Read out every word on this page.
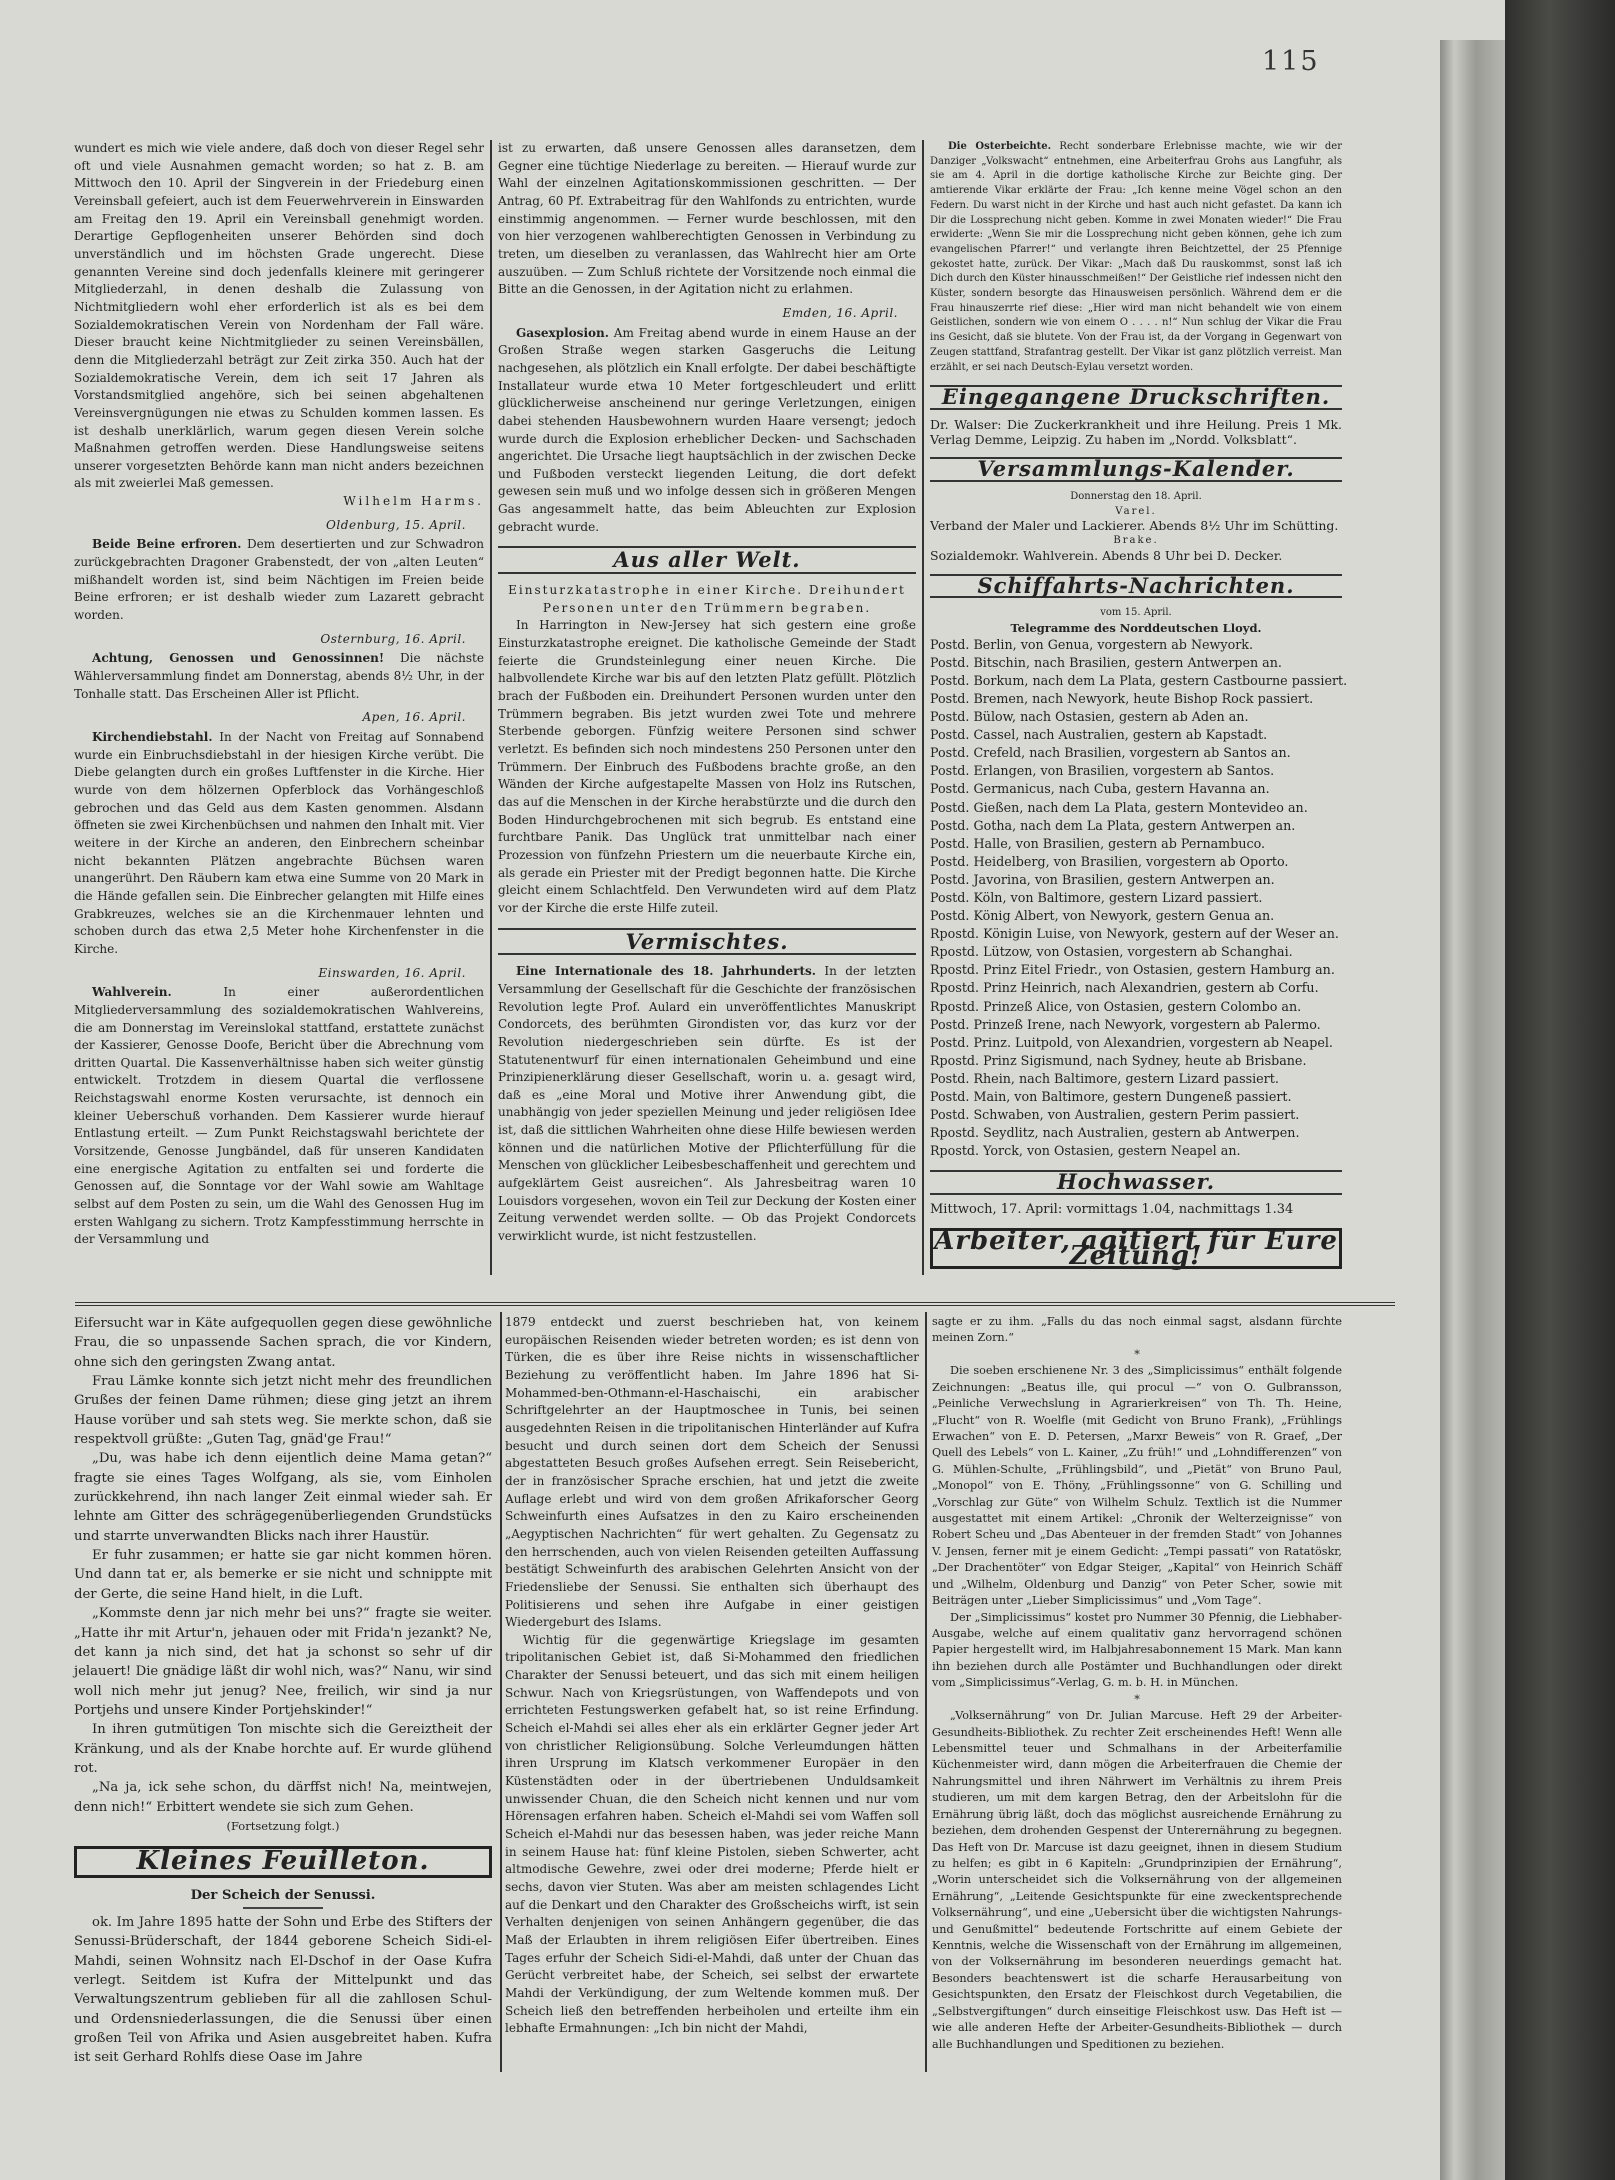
115

wundert es mich wie viele andere, daß doch von dieser Regel sehr oft und viele Ausnahmen gemacht worden; so hat z. B. am Mittwoch den 10. April der Singverein in der Friedeburg einen Vereinsball gefeiert, auch ist dem Feuerwehrverein in Einswarden am Freitag den 19. April ein Vereinsball genehmigt worden. Derartige Gepflogenheiten unserer Behörden sind doch unverständlich und im höchsten Grade ungerecht. Diese genannten Vereine sind doch jedenfalls kleinere mit geringerer Mitgliederzahl, in denen deshalb die Zulassung von Nichtmitgliedern wohl eher erforderlich ist als es bei dem Sozialdemokratischen Verein von Nordenham der Fall wäre. Dieser braucht keine Nichtmitglieder zu seinen Vereinsbällen, denn die Mitgliederzahl beträgt zur Zeit zirka 350. Auch hat der Sozialdemokratische Verein, dem ich seit 17 Jahren als Vorstandsmitglied angehöre, sich bei seinen abgehaltenen Vereinsvergnügungen nie etwas zu Schulden kommen lassen. Es ist deshalb unerklärlich, warum gegen diesen Verein solche Maßnahmen getroffen werden. Diese Handlungsweise seitens unserer vorgesetzten Behörde kann man nicht anders bezeichnen als mit zweierlei Maß gemessen.

Wilhelm Harms.
Oldenburg, 15. April.

Beide Beine erfroren. Dem desertierten und zur Schwadron zurückgebrachten Dragoner Grabenstedt, der von „alten Leuten“ mißhandelt worden ist, sind beim Nächtigen im Freien beide Beine erfroren; er ist deshalb wieder zum Lazarett gebracht worden.

Osternburg, 16. April.

Achtung, Genossen und Genossinnen! Die nächste Wählerversammlung findet am Donnerstag, abends 8½ Uhr, in der Tonhalle statt. Das Erscheinen Aller ist Pflicht.

Apen, 16. April.

Kirchendiebstahl. In der Nacht von Freitag auf Sonnabend wurde ein Einbruchsdiebstahl in der hiesigen Kirche verübt. Die Diebe gelangten durch ein großes Luftfenster in die Kirche. Hier wurde von dem hölzernen Opferblock das Vorhängeschloß gebrochen und das Geld aus dem Kasten genommen. Alsdann öffneten sie zwei Kirchenbüchsen und nahmen den Inhalt mit. Vier weitere in der Kirche an anderen, den Einbrechern scheinbar nicht bekannten Plätzen angebrachte Büchsen waren unangerührt. Den Räubern kam etwa eine Summe von 20 Mark in die Hände gefallen sein. Die Einbrecher gelangten mit Hilfe eines Grabkreuzes, welches sie an die Kirchenmauer lehnten und schoben durch das etwa 2,5 Meter hohe Kirchenfenster in die Kirche.

Einswarden, 16. April.

Wahlverein.	In einer außerordentlichen Mitgliederversammlung des sozialdemokratischen Wahlvereins, die am Donnerstag im Vereinslokal stattfand, erstattete zunächst der Kassierer, Genosse Doofe, Bericht über die Abrechnung vom dritten Quartal. Die Kassenverhältnisse haben sich weiter günstig entwickelt. Trotzdem in diesem Quartal die verflossene Reichstagswahl enorme Kosten verursachte, ist dennoch ein kleiner Ueberschuß vorhanden. Dem Kassierer wurde hierauf Entlastung erteilt. — Zum Punkt Reichstagswahl berichtete der Vorsitzende, Genosse Jungbändel, daß für unseren Kandidaten eine energische Agitation zu entfalten sei und forderte die Genossen auf, die Sonntage vor der Wahl sowie am Wahltage selbst auf dem Posten zu sein, um die Wahl des Genossen Hug im ersten Wahlgang zu sichern. Trotz Kampfesstimmung herrschte in der Versammlung und

ist zu erwarten, daß unsere Genossen alles daransetzen, dem Gegner eine tüchtige Niederlage zu bereiten. — Hierauf wurde zur Wahl der einzelnen Agitationskommissionen geschritten. — Der Antrag, 60 Pf. Extrabeitrag für den Wahlfonds zu entrichten, wurde einstimmig angenommen. — Ferner wurde beschlossen, mit den von hier verzogenen wahlberechtigten Genossen in Verbindung zu treten, um dieselben zu veranlassen, das Wahlrecht hier am Orte auszuüben. — Zum Schluß richtete der Vorsitzende noch einmal die Bitte an die Genossen, in der Agitation nicht zu erlahmen.

Emden, 16. April.

Gasexplosion. Am Freitag abend wurde in einem Hause an der Großen Straße wegen starken Gasgeruchs die Leitung nachgesehen, als plötzlich ein Knall erfolgte. Der dabei beschäftigte Installateur wurde etwa 10 Meter fortgeschleudert und erlitt glücklicherweise anscheinend nur geringe Verletzungen, einigen dabei stehenden Hausbewohnern wurden Haare versengt; jedoch wurde durch die Explosion erheblicher Decken- und Sachschaden angerichtet. Die Ursache liegt hauptsächlich in der zwischen Decke und Fußboden versteckt liegenden Leitung, die dort defekt gewesen sein muß und wo infolge dessen sich in größeren Mengen Gas angesammelt hatte, das beim Ableuchten zur Explosion gebracht wurde.

Aus aller Welt.

Einsturzkatastrophe in einer Kirche. Dreihundert Personen unter den Trümmern begraben.

In Harrington in New-Jersey hat sich gestern eine große Einsturzkatastrophe ereignet. Die katholische Gemeinde der Stadt feierte die Grundsteinlegung einer neuen Kirche. Die halbvollendete Kirche war bis auf den letzten Platz gefüllt. Plötzlich brach der Fußboden ein. Dreihundert Personen wurden unter den Trümmern begraben. Bis jetzt wurden zwei Tote und mehrere Sterbende geborgen. Fünfzig weitere Personen sind schwer verletzt. Es befinden sich noch mindestens 250 Personen unter den Trümmern. Der Einbruch des Fußbodens brachte große, an den Wänden der Kirche aufgestapelte Massen von Holz ins Rutschen, das auf die Menschen in der Kirche herabstürzte und die durch den Boden Hindurchgebrochenen mit sich begrub. Es entstand eine furchtbare Panik. Das Unglück trat unmittelbar nach einer Prozession von fünfzehn Priestern um die neuerbaute Kirche ein, als gerade ein Priester mit der Predigt begonnen hatte. Die Kirche gleicht einem Schlachtfeld. Den Verwundeten wird auf dem Platz vor der Kirche die erste Hilfe zuteil.

Vermischtes.

Eine Internationale des 18. Jahrhunderts. In der letzten Versammlung der Gesellschaft für die Geschichte der französischen Revolution legte Prof. Aulard ein unveröffentlichtes Manuskript Condorcets, des berühmten Girondisten vor, das kurz vor der Revolution niedergeschrieben sein dürfte. Es ist der Statutenentwurf für einen internationalen Geheimbund und eine Prinzipienerklärung dieser Gesellschaft, worin u. a. gesagt wird, daß es „eine Moral und Motive ihrer Anwendung gibt, die unabhängig von jeder speziellen Meinung und jeder religiösen Idee ist, daß die sittlichen Wahrheiten ohne diese Hilfe bewiesen werden können und die natürlichen Motive der Pflichterfüllung für die Menschen von glücklicher Leibesbeschaffenheit und gerechtem und aufgeklärtem Geist ausreichen“. Als Jahresbeitrag waren 10 Louisdors vorgesehen, wovon ein Teil zur Deckung der Kosten einer Zeitung verwendet werden sollte. — Ob das Projekt Condorcets verwirklicht wurde, ist nicht festzustellen.

Die Osterbeichte. Recht sonderbare Erlebnisse machte, wie wir der Danziger „Volkswacht“ entnehmen, eine Arbeiterfrau Grohs aus Langfuhr, als sie am 4. April in die dortige katholische Kirche zur Beichte ging. Der amtierende Vikar erklärte der Frau: „Ich kenne meine Vögel schon an den Federn. Du warst nicht in der Kirche und hast auch nicht gefastet. Da kann ich Dir die Lossprechung nicht geben. Komme in zwei Monaten wieder!“ Die Frau erwiderte: „Wenn Sie mir die Lossprechung nicht geben können, gehe ich zum evangelischen Pfarrer!“ und verlangte ihren Beichtzettel, der 25 Pfennige gekostet hatte, zurück. Der Vikar: „Mach daß Du rauskommst, sonst laß ich Dich durch den Küster hinausschmeißen!“ Der Geistliche rief indessen nicht den Küster, sondern besorgte das Hinausweisen persönlich. Während dem er die Frau hinauszerrte rief diese: „Hier wird man nicht behandelt wie von einem Geistlichen, sondern wie von einem O . . . . n!“ Nun schlug der Vikar die Frau ins Gesicht, daß sie blutete. Von der Frau ist, da der Vorgang in Gegenwart von Zeugen stattfand, Strafantrag gestellt. Der Vikar ist ganz plötzlich verreist. Man erzählt, er sei nach Deutsch-Eylau versetzt worden.

Eingegangene Druckschriften.

Dr. Walser: Die Zuckerkrankheit und ihre Heilung. Preis 1 Mk. Verlag Demme, Leipzig. Zu haben im „Nordd. Volksblatt“.

Versammlungs-Kalender.
Donnerstag den 18. April.
Varel.
Verband der Maler und Lackierer. Abends 8½ Uhr im Schütting.
Brake.
Sozialdemokr. Wahlverein. Abends 8 Uhr bei D. Decker.
Schiffahrts-Nachrichten.
vom 15. April.
Telegramme des Norddeutschen Lloyd.
Postd. Berlin, von Genua, vorgestern ab Newyork.
Postd. Bitschin, nach Brasilien, gestern Antwerpen an.
Postd. Borkum, nach dem La Plata, gestern Castbourne passiert.
Postd. Bremen, nach Newyork, heute Bishop Rock passiert.
Postd. Bülow, nach Ostasien, gestern ab Aden an.
Postd. Cassel, nach Australien, gestern ab Kapstadt.
Postd. Crefeld, nach Brasilien, vorgestern ab Santos an.
Postd. Erlangen, von Brasilien, vorgestern ab Santos.
Postd. Germanicus, nach Cuba, gestern Havanna an.
Postd. Gießen, nach dem La Plata, gestern Montevideo an.
Postd. Gotha, nach dem La Plata, gestern Antwerpen an.
Postd. Halle, von Brasilien, gestern ab Pernambuco.
Postd. Heidelberg, von Brasilien, vorgestern ab Oporto.
Postd. Javorina, von Brasilien, gestern Antwerpen an.
Postd. Köln, von Baltimore, gestern Lizard passiert.
Postd. König Albert, von Newyork, gestern Genua an.
Rpostd. Königin Luise, von Newyork, gestern auf der Weser an.
Rpostd. Lützow, von Ostasien, vorgestern ab Schanghai.
Rpostd. Prinz Eitel Friedr., von Ostasien, gestern Hamburg an.
Rpostd. Prinz Heinrich, nach Alexandrien, gestern ab Corfu.
Rpostd. Prinzeß Alice, von Ostasien, gestern Colombo an.
Postd. Prinzeß Irene, nach Newyork, vorgestern ab Palermo.
Postd. Prinz. Luitpold, von Alexandrien, vorgestern ab Neapel.
Rpostd. Prinz Sigismund, nach Sydney, heute ab Brisbane.
Postd. Rhein, nach Baltimore, gestern Lizard passiert.
Postd. Main, von Baltimore, gestern Dungeneß passiert.
Postd. Schwaben, von Australien, gestern Perim passiert.
Rpostd. Seydlitz, nach Australien, gestern ab Antwerpen.
Rpostd. Yorck, von Ostasien, gestern Neapel an.
Hochwasser.
Mittwoch, 17. April: vormittags 1.04, nachmittags 1.34
Arbeiter, agitiert für Eure Zeitung!

Eifersucht war in Käte aufgequollen gegen diese gewöhnliche Frau, die so unpassende Sachen sprach, die vor Kindern, ohne sich den geringsten Zwang antat.

Frau Lämke konnte sich jetzt nicht mehr des freundlichen Grußes der feinen Dame rühmen; diese ging jetzt an ihrem Hause vorüber und sah stets weg. Sie merkte schon, daß sie respektvoll grüßte: „Guten Tag, gnäd'ge Frau!“

„Du, was habe ich denn eijentlich deine Mama getan?“ fragte sie eines Tages Wolfgang, als sie, vom Einholen zurückkehrend, ihn nach langer Zeit einmal wieder sah. Er lehnte am Gitter des schrägegenüberliegenden Grundstücks und starrte unverwandten Blicks nach ihrer Haustür.

Er fuhr zusammen; er hatte sie gar nicht kommen hören. Und dann tat er, als bemerke er sie nicht und schnippte mit der Gerte, die seine Hand hielt, in die Luft.

„Kommste denn jar nich mehr bei uns?“ fragte sie weiter. „Hatte ihr mit Artur'n, jehauen oder mit Frida'n jezankt? Ne, det kann ja nich sind, det hat ja schonst so sehr uf dir jelauert! Die gnädige läßt dir wohl nich, was?“ Nanu, wir sind woll nich mehr jut jenug? Nee, freilich, wir sind ja nur Portjehs und unsere Kinder Portjehskinder!“

In ihren gutmütigen Ton mischte sich die Gereiztheit der Kränkung, und als der Knabe horchte auf. Er wurde glühend rot.

„Na ja, ick sehe schon, du därffst nich! Na, meintwejen, denn nich!“ Erbittert wendete sie sich zum Gehen.

(Fortsetzung folgt.)
Kleines Feuilleton.

Der Scheich der Senussi.

ok. Im Jahre 1895 hatte der Sohn und Erbe des Stifters der Senussi-Brüderschaft, der 1844 geborene Scheich Sidi-el-Mahdi, seinen Wohnsitz nach El-Dschof in der Oase Kufra verlegt. Seitdem ist Kufra der Mittelpunkt und das Verwaltungszentrum geblieben für all die zahllosen Schul- und Ordensniederlassungen, die die Senussi über einen großen Teil von Afrika und Asien ausgebreitet haben. Kufra ist seit Gerhard Rohlfs diese Oase im Jahre

1879 entdeckt und zuerst beschrieben hat, von keinem europäischen Reisenden wieder betreten worden; es ist denn von Türken, die es über ihre Reise nichts in wissenschaftlicher Beziehung zu veröffentlicht haben. Im Jahre 1896 hat Si-Mohammed-ben-Othmann-el-Haschaischi, ein arabischer Schriftgelehrter an der Hauptmoschee in Tunis, bei seinen ausgedehnten Reisen in die tripolitanischen Hinterländer auf Kufra besucht und durch seinen dort dem Scheich der Senussi abgestatteten Besuch großes Aufsehen erregt. Sein Reisebericht, der in französischer Sprache erschien, hat und jetzt die zweite Auflage erlebt und wird von dem großen Afrikaforscher Georg Schweinfurth eines Aufsatzes in den zu Kairo erscheinenden „Aegyptischen Nachrichten“ für wert gehalten. Zu Gegensatz zu den herrschenden, auch von vielen Reisenden geteilten Auffassung bestätigt Schweinfurth des arabischen Gelehrten Ansicht von der Friedensliebe der Senussi. Sie enthalten sich überhaupt des Politisierens und sehen ihre Aufgabe in einer geistigen Wiedergeburt des Islams.

Wichtig für die gegenwärtige Kriegslage im gesamten tripolitanischen Gebiet ist, daß Si-Mohammed den friedlichen Charakter der Senussi beteuert, und das sich mit einem heiligen Schwur. Nach von Kriegsrüstungen, von Waffendepots und von errichteten Festungswerken gefabelt hat, so ist reine Erfindung. Scheich el-Mahdi sei alles eher als ein erklärter Gegner jeder Art von christlicher Religionsübung. Solche Verleumdungen hätten ihren Ursprung im Klatsch verkommener Europäer in den Küstenstädten oder in der übertriebenen Unduldsamkeit unwissender Chuan, die den Scheich nicht kennen und nur vom Hörensagen erfahren haben. Scheich el-Mahdi sei vom Waffen soll Scheich el-Mahdi nur das besessen haben, was jeder reiche Mann in seinem Hause hat: fünf kleine Pistolen, sieben Schwerter, acht altmodische Gewehre, zwei oder drei moderne; Pferde hielt er sechs, davon vier Stuten. Was aber am meisten schlagendes Licht auf die Denkart und den Charakter des Großscheichs wirft, ist sein Verhalten denjenigen von seinen Anhängern gegenüber, die das Maß der Erlaubten in ihrem religiösen Eifer übertreiben. Eines Tages erfuhr der Scheich Sidi-el-Mahdi, daß unter der Chuan das Gerücht verbreitet habe, der Scheich, sei selbst der erwartete Mahdi der Verkündigung, der zum Weltende kommen muß. Der Scheich ließ den betreffenden herbeiholen und erteilte ihm ein lebhafte Ermahnungen: „Ich bin nicht der Mahdi,

sagte er zu ihm. „Falls du das noch einmal sagst, alsdann fürchte meinen Zorn.“

*

Die soeben erschienene Nr. 3 des „Simplicissimus“ enthält folgende Zeichnungen: „Beatus ille, qui procul —“ von O. Gulbransson, „Peinliche Verwechslung in Agrarierkreisen“ von Th. Th. Heine, „Flucht“ von R. Woelfle (mit Gedicht von Bruno Frank), „Frühlings Erwachen“ von E. D. Petersen, „Marxr Beweis“ von R. Graef, „Der Quell des Lebels“ von L. Kainer, „Zu früh!“ und „Lohndifferenzen“ von G. Mühlen-Schulte, „Frühlingsbild“, und „Pietät“ von Bruno Paul, „Monopol“ von E. Thöny, „Frühlingssonne“ von G. Schilling und „Vorschlag zur Güte“ von Wilhelm Schulz. Textlich ist die Nummer ausgestattet mit einem Artikel: „Chronik der Welterzeignisse“ von Robert Scheu und „Das Abenteuer in der fremden Stadt“ von Johannes V. Jensen, ferner mit je einem Gedicht: „Tempi passati“ von Ratatöskr, „Der Drachentöter“ von Edgar Steiger, „Kapital“ von Heinrich Schäff und „Wilhelm, Oldenburg und Danzig“ von Peter Scher, sowie mit Beiträgen unter „Lieber Simplicissimus“ und „Vom Tage“.

Der „Simplicissimus“ kostet pro Nummer 30 Pfennig, die Liebhaber-Ausgabe, welche auf einem qualitativ ganz hervorragend schönen Papier hergestellt wird, im Halbjahresabonnement 15 Mark. Man kann ihn beziehen durch alle Postämter und Buchhandlungen oder direkt vom „Simplicissimus“-Verlag, G. m. b. H. in München.

*

„Volksernährung“ von Dr. Julian Marcuse. Heft 29 der Arbeiter-Gesundheits-Bibliothek. Zu rechter Zeit erscheinendes Heft! Wenn alle Lebensmittel teuer und Schmalhans in der Arbeiterfamilie Küchenmeister wird, dann mögen die Arbeiterfrauen die Chemie der Nahrungsmittel und ihren Nährwert im Verhältnis zu ihrem Preis studieren, um mit dem kargen Betrag, den der Arbeitslohn für die Ernährung übrig läßt, doch das möglichst ausreichende Ernährung zu beziehen, dem drohenden Gespenst der Unterernährung zu begegnen. Das Heft von Dr. Marcuse ist dazu geeignet, ihnen in diesem Studium zu helfen; es gibt in 6 Kapiteln: „Grundprinzipien der Ernährung“, „Worin unterscheidet sich die Volksernährung von der allgemeinen Ernährung“, „Leitende Gesichtspunkte für eine zweckentsprechende Volksernährung“, und eine „Uebersicht über die wichtigsten Nahrungs- und Genußmittel“ bedeutende Fortschritte auf einem Gebiete der Kenntnis, welche die Wissenschaft von der Ernährung im allgemeinen, von der Volksernährung im besonderen neuerdings gemacht hat. Besonders beachtenswert ist die scharfe Herausarbeitung von Gesichtspunkten, den Ersatz der Fleischkost durch Vegetabilien, die „Selbstvergiftungen“ durch einseitige Fleischkost usw. Das Heft ist — wie alle anderen Hefte der Arbeiter-Gesundheits-Bibliothek — durch alle Buchhandlungen und Speditionen zu beziehen.
